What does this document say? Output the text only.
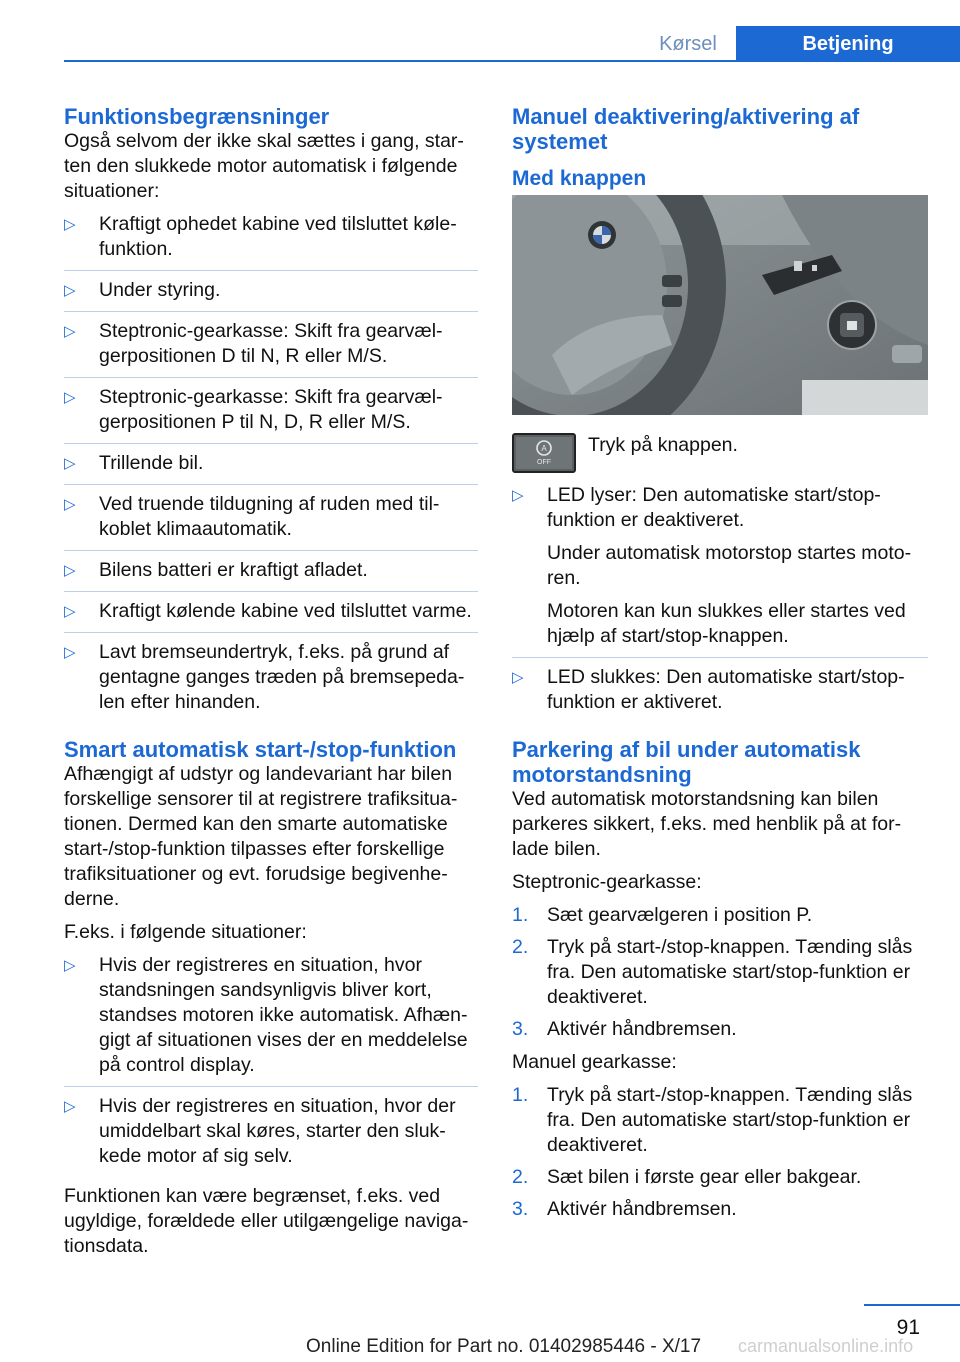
Kørsel	Betjening
Funktionsbegrænsninger

Også selvom der ikke skal sættes i gang, star-ten den slukkede motor automatisk i følgende situationer:

▷ Kraftigt ophedet kabine ved tilsluttet køle-funktion.
▷ Under styring.
▷ Steptronic-gearkasse: Skift fra gearvæl-gerpositionen D til N, R eller M/S.
▷ Steptronic-gearkasse: Skift fra gearvæl-gerpositionen P til N, D, R eller M/S.
▷ Trillende bil.
▷ Ved truende tildugning af ruden med til-koblet klimaautomatik.
▷ Bilens batteri er kraftigt afladet.
▷ Kraftigt kølende kabine ved tilsluttet varme.
▷ Lavt bremseundertryk, f.eks. på grund af gentagne ganges træden på bremsepeda-len efter hinanden.
Smart automatisk start-/stop-funktion

Afhængigt af udstyr og landevariant har bilen forskellige sensorer til at registrere trafiksitua-tionen. Dermed kan den smarte automatiske start-/stop-funktion tilpasses efter forskellige trafiksituationer og evt. forudsige begivenhe-derne.

F.eks. i følgende situationer:

▷ Hvis der registreres en situation, hvor standsningen sandsynligvis bliver kort, standses motoren ikke automatisk. Afhæn-gigt af situationen vises der en meddelelse på control display.
▷ Hvis der registreres en situation, hvor der umiddelbart skal køres, starter den sluk-kede motor af sig selv.

Funktionen kan være begrænset, f.eks. ved ugyldige, forældede eller utilgængelige naviga-tionsdata.

Manuel deaktivering/aktivering af systemet
Med knappen
A
OFF
Tryk på knappen.
▷ LED lyser: Den automatiske start/stop-funktion er deaktiveret.
Under automatisk motorstop startes moto-ren.
Motoren kan kun slukkes eller startes ved hjælp af start/stop-knappen.
▷ LED slukkes: Den automatiske start/stop-funktion er aktiveret.
Parkering af bil under automatisk motorstandsning

Ved automatisk motorstandsning kan bilen parkeres sikkert, f.eks. med henblik på at for-lade bilen.

Steptronic-gearkasse:

1. Sæt gearvælgeren i position P.
2. Tryk på start-/stop-knappen. Tænding slås fra. Den automatiske start/stop-funktion er deaktiveret.
3. Aktivér håndbremsen.

Manuel gearkasse:

1. Tryk på start-/stop-knappen. Tænding slås fra. Den automatiske start/stop-funktion er deaktiveret.
2. Sæt bilen i første gear eller bakgear.
3. Aktivér håndbremsen.
91
Online Edition for Part no. 01402985446 - X/17 carmanualsonline.info
